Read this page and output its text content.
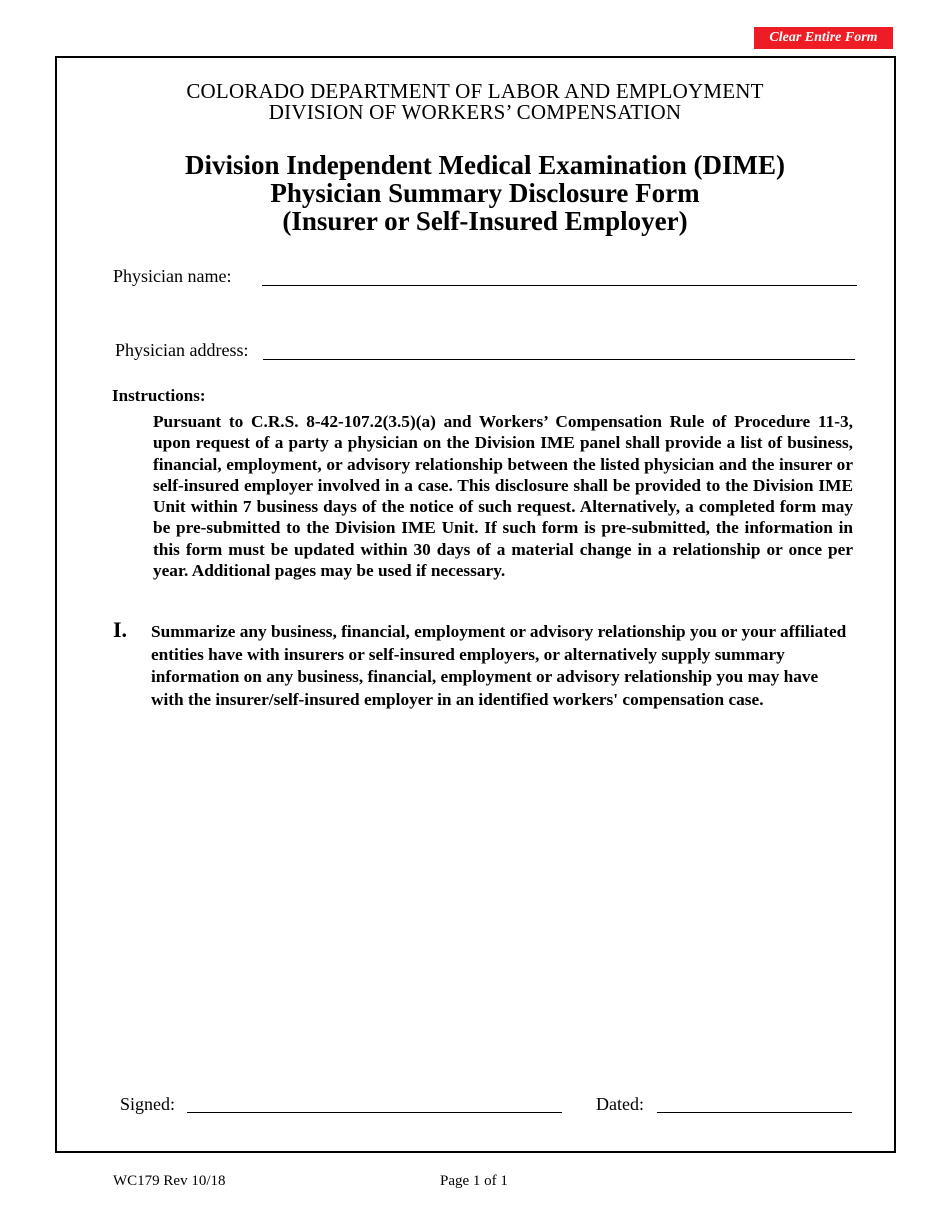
Clear Entire Form
COLORADO DEPARTMENT OF LABOR AND EMPLOYMENT
DIVISION OF WORKERS’ COMPENSATION
Division Independent Medical Examination (DIME)
Physician Summary Disclosure Form
(Insurer or Self-Insured Employer)
Physician name:
Physician address:
Instructions:
Pursuant to C.R.S. 8-42-107.2(3.5)(a) and Workers’ Compensation Rule of Procedure 11-3, upon request of a party a physician on the Division IME panel shall provide a list of business, financial, employment, or advisory relationship between the listed physician and the insurer or self-insured employer involved in a case. This disclosure shall be provided to the Division IME Unit within 7 business days of the notice of such request. Alternatively, a completed form may be pre-submitted to the Division IME Unit. If such form is pre-submitted, the information in this form must be updated within 30 days of a material change in a relationship or once per year. Additional pages may be used if necessary.
I. Summarize any business, financial, employment or advisory relationship you or your affiliated entities have with insurers or self-insured employers, or alternatively supply summary information on any business, financial, employment or advisory relationship you may have with the insurer/self-insured employer in an identified workers' compensation case.
Signed:	Dated:
WC179 Rev 10/18	Page 1 of 1
